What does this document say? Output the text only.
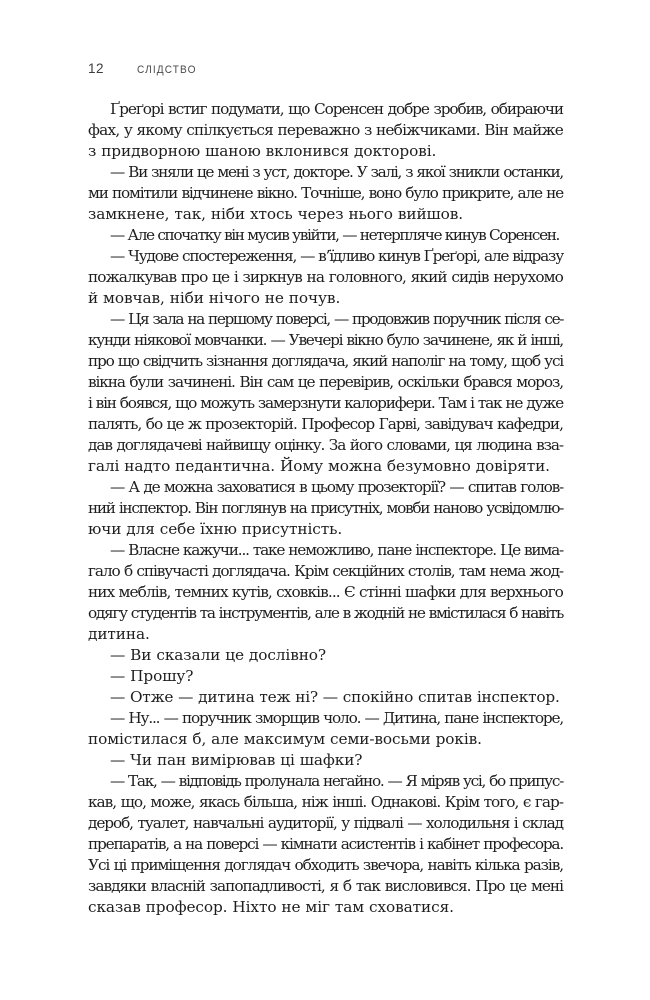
12	СЛІДСТВО
Ґреґорі встиг подумати, що Соренсен добре зробив, обираючи
фах, у якому спілкується переважно з небіжчиками. Він майже
з придворною шаною вклонився докторові.
— Ви зняли це мені з уст, докторе. У залі, з якої зникли останки,
ми помітили відчинене вікно. Точніше, воно було прикрите, але не
замкнене, так, ніби хтось через нього вийшов.
— Але спочатку він мусив увійти, — нетерпляче кинув Соренсен.
— Чудове спостереження, — в’їдливо кинув Ґреґорі, але відразу
пожалкував про це і зиркнув на головного, який сидів нерухомо
й мовчав, ніби нічого не почув.
— Ця зала на першому поверсі, — продовжив поручник після се-
кунди ніякової мовчанки. — Увечері вікно було зачинене, як й інші,
про що свідчить зізнання доглядача, який наполіг на тому, щоб усі
вікна були зачинені. Він сам це перевірив, оскільки брався мороз,
і він боявся, що можуть замерзнути калорифери. Там і так не дуже
палять, бо це ж прозекторій. Професор Гарві, завідувач кафедри,
дав доглядачеві найвищу оцінку. За його словами, ця людина вза-
галі надто педантична. Йому можна безумовно довіряти.
— А де можна заховатися в цьому прозекторії? — спитав голов-
ний інспектор. Він поглянув на присутніх, мовби наново усвідомлю-
ючи для себе їхню присутність.
— Власне кажучи... таке неможливо, пане інспекторе. Це вима-
гало б співучасті доглядача. Крім секційних столів, там нема жод-
них меблів, темних кутів, сховків... Є стінні шафки для верхнього
одягу студентів та інструментів, але в жодній не вмістилася б навіть
дитина.
— Ви сказали це дослівно?
— Прошу?
— Отже — дитина теж ні? — спокійно спитав інспектор.
— Ну... — поручник зморщив чоло. — Дитина, пане інспекторе,
помістилася б, але максимум семи-восьми років.
— Чи пан вимірював ці шафки?
— Так, — відповідь пролунала негайно. — Я міряв усі, бо припус-
кав, що, може, якась більша, ніж інші. Однакові. Крім того, є гар-
дероб, туалет, навчальні аудиторії, у підвалі — холодильня і склад
препаратів, а на поверсі — кімнати асистентів і кабінет професора.
Усі ці приміщення доглядач обходить звечора, навіть кілька разів,
завдяки власній запопадливості, я б так висловився. Про це мені
сказав професор. Ніхто не міг там сховатися.
